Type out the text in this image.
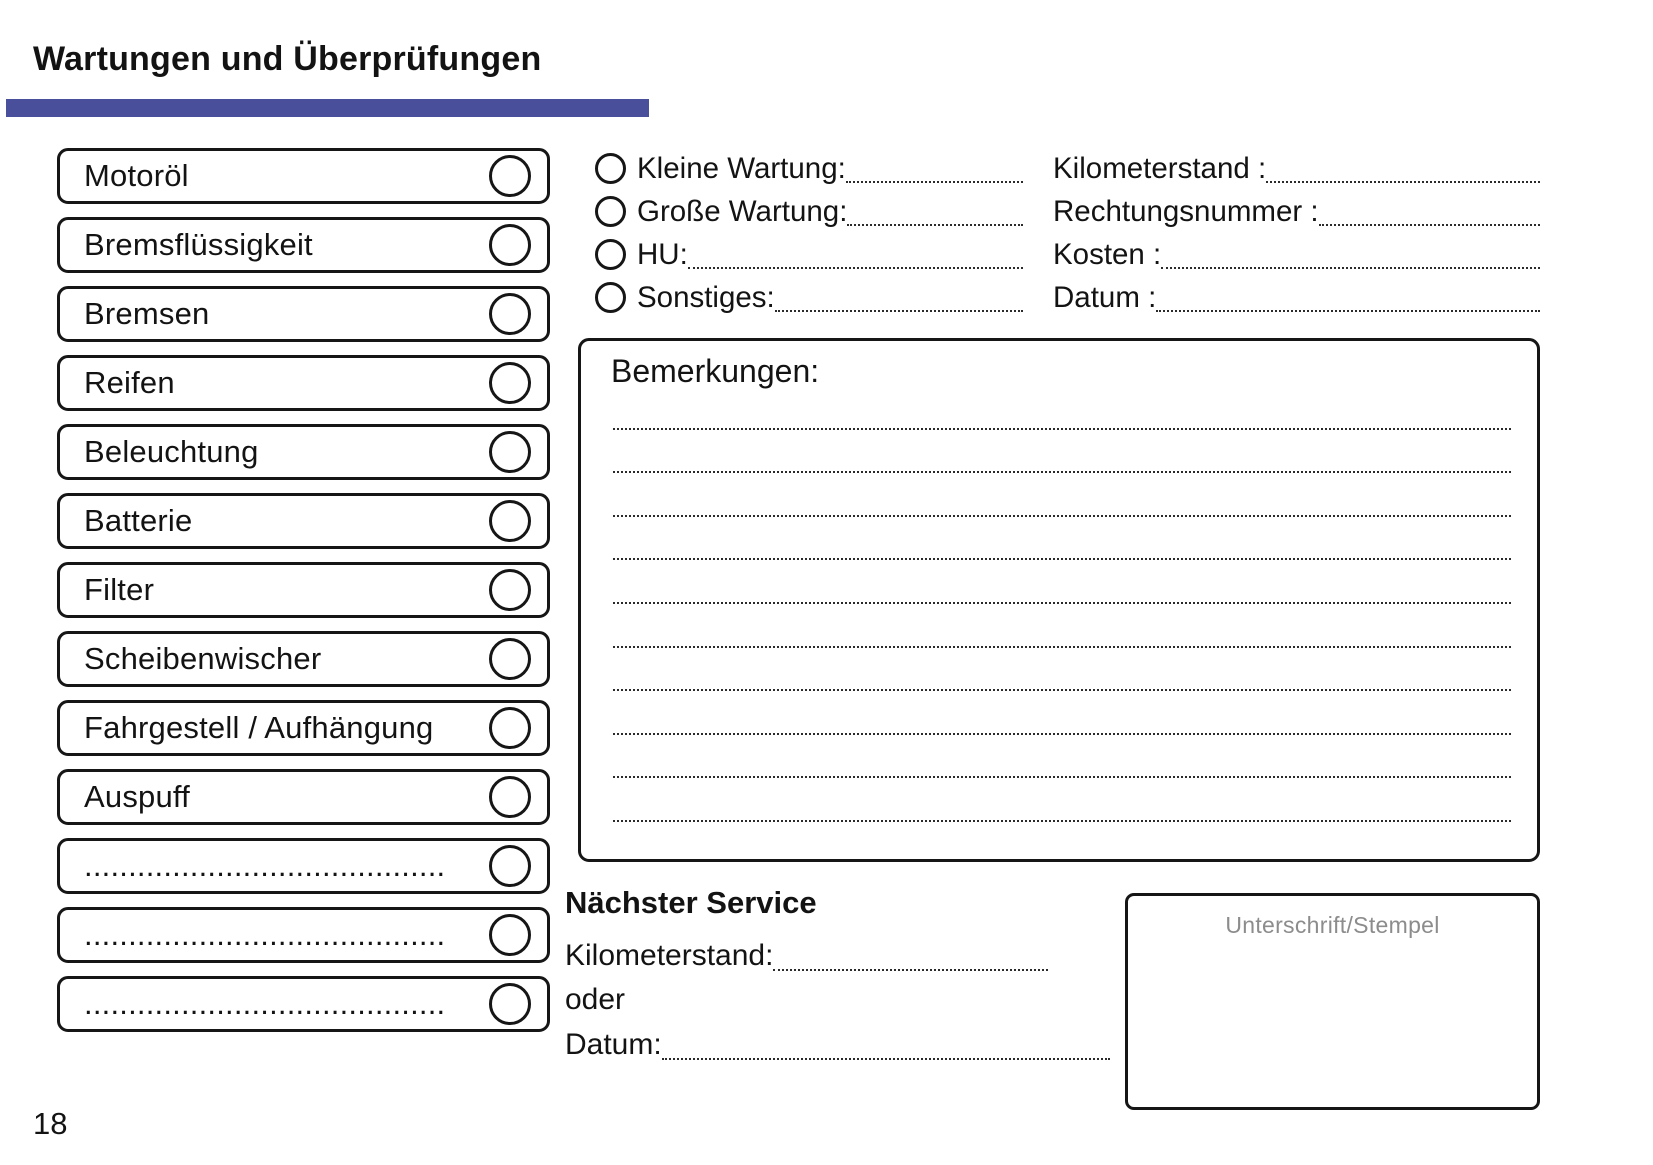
Wartungen und Überprüfungen
Motoröl
Bremsflüssigkeit
Bremsen
Reifen
Beleuchtung
Batterie
Filter
Scheibenwischer
Fahrgestell / Aufhängung
Auspuff
.........................................
.........................................
.........................................
Kleine Wartung:
Große Wartung:
HU:
Sonstiges:
Kilometerstand :
Rechtungsnummer :
Kosten :
Datum :
Bemerkungen:
Nächster Service
Kilometerstand:
oder
Datum:
Unterschrift/Stempel
18
